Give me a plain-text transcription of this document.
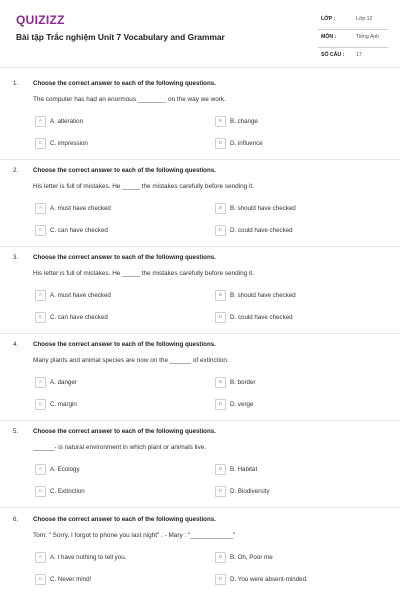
QUIZIZZ
Bài tập Trắc nghiệm Unit 7 Vocabulary and Grammar
LỚP :	Lớp 12
MÔN :	Tiếng Anh
SỐ CÂU : 17
1. Choose the correct answer to each of the following questions.
The computer has had an enormous ________ on the way we work.
A	A. alteration	B	B. change
C	C. impression	D	D. influence
2. Choose the correct answer to each of the following questions.
His letter is full of mistakes. He _____ the mistakes carefully before sending it.
A	A. must have checked	B	B. should have checked
C	C. can have checked	D	D. could have checked
3. Choose the correct answer to each of the following questions.
His letter is full of mistakes. He _____ the mistakes carefully before sending it.
A	A. must have checked	B	B. should have checked
C	C. can have checked	D	D. could have checked
4. Choose the correct answer to each of the following questions.
Many plants and animal species are now on the ______ of extinction.
A	A. danger	B	B. border
C	C. margin	D	D. verge
5. Choose the correct answer to each of the following questions.
______- is natural environment in which plant or animals live.
A	A. Ecology	B	B. Habitat
C	C. Extinction	D	D. Biodiversity
6. Choose the correct answer to each of the following questions.
Tom: " Sorry, I forgot to phone you last night" . - Mary : "____________"
A	A. I have nothing to tell you.	B	B. Oh, Poor me
C	C. Never mind!	D	D. You were absent-minded.
